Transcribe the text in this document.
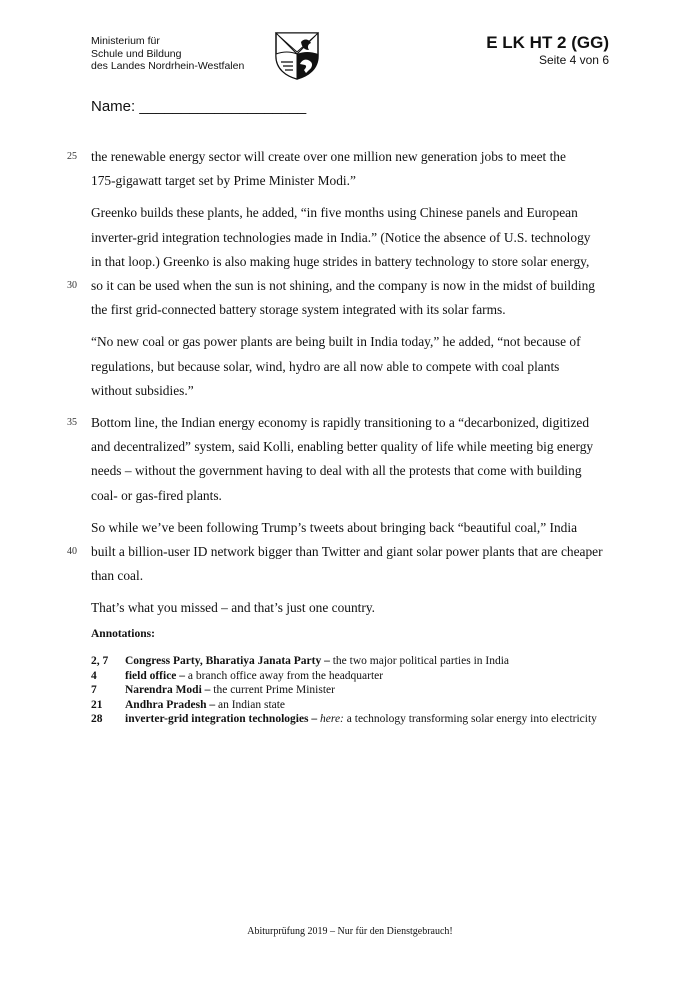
Ministerium für
Schule und Bildung
des Landes Nordrhein-Westfalen
E LK HT 2 (GG)
Seite 4 von 6
Name: ____________________

25 the renewable energy sector will create over one million new generation jobs to meet the
175-gigawatt target set by Prime Minister Modi.”

Greenko builds these plants, he added, “in five months using Chinese panels and European
inverter-grid integration technologies made in India.” (Notice the absence of U.S. technology
in that loop.) Greenko is also making huge strides in battery technology to store solar energy,
30 so it can be used when the sun is not shining, and the company is now in the midst of building
the first grid-connected battery storage system integrated with its solar farms.

“No new coal or gas power plants are being built in India today,” he added, “not because of
regulations, but because solar, wind, hydro are all now able to compete with coal plants
without subsidies.”

35 Bottom line, the Indian energy economy is rapidly transitioning to a “decarbonized, digitized
and decentralized” system, said Kolli, enabling better quality of life while meeting big energy
needs – without the government having to deal with all the protests that come with building
coal- or gas-fired plants.

So while we’ve been following Trump’s tweets about bringing back “beautiful coal,” India
40 built a billion-user ID network bigger than Twitter and giant solar power plants that are cheaper
than coal.

That’s what you missed – and that’s just one country.

Annotations:
2, 7	Congress Party, Bharatiya Janata Party – the two major political parties in India
4	field office – a branch office away from the headquarter
7	Narendra Modi – the current Prime Minister
21	Andhra Pradesh – an Indian state
28	inverter-grid integration technologies – here: a technology transforming solar energy into electricity
Abiturprüfung 2019 – Nur für den Dienstgebrauch!
